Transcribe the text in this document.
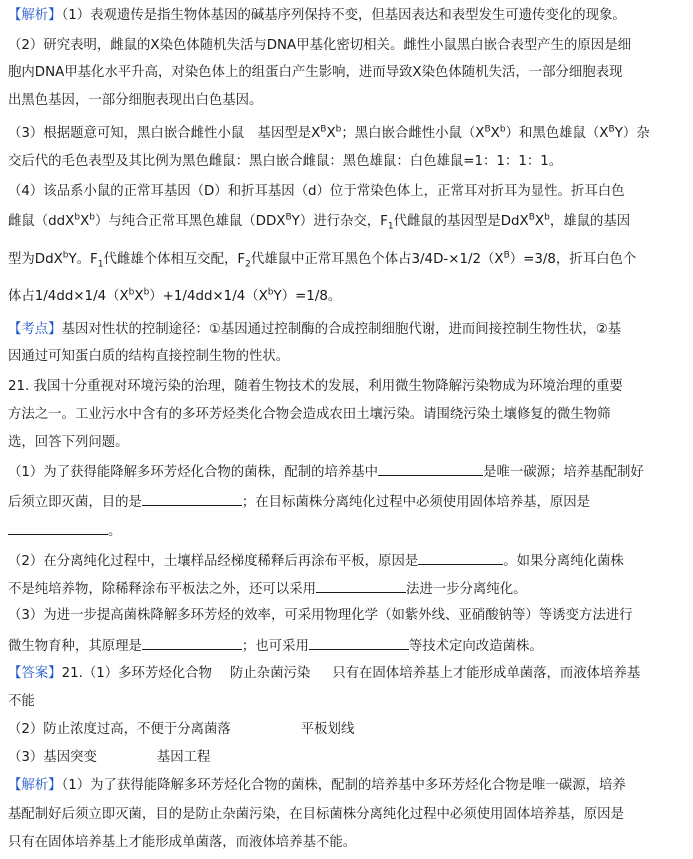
【解析】（1）表观遗传是指生物体基因的碱基序列保持不变，但基因表达和表型发生可遗传变化的现象。
（2）研究表明，雌鼠的X染色体随机失活与DNA甲基化密切相关。雌性小鼠黑白嵌合表型产生的原因是细
胞内DNA甲基化水平升高，对染色体上的组蛋白产生影响，进而导致X染色体随机失活，一部分细胞表现
出黑色基因，一部分细胞表现出白色基因。
（3）根据题意可知，黑白嵌合雌性小鼠　基因型是$X^BX^b$；黑白嵌合雌性小鼠$(X^BX^b)$和黑色雄鼠$(X^BY)$杂
交后代的毛色表型及其比例为黑色雌鼠：黑白嵌合雌鼠：黑色雄鼠：白色雄鼠=1：1：1：1。
（4）该品系小鼠的正常耳基因（D）和折耳基因（d）位于常染色体上，正常耳对折耳为显性。折耳白色
雌鼠$(ddX^bX^b)$与纯合正常耳黑色雄鼠$(DDX^BY)$进行杂交，$F_1$代雌鼠的基因型是$DdX^BX^b$，雄鼠的基因
型为DdX$^b$Y。$F_1$代雌雄个体相互交配，$F_2$代雄鼠中正常耳黑色个体占$3/4D-\times 1/2(X^B)=3/8$，折耳白色个
体占$1/4dd\times 1/4(X^bX^b)+1/4dd\times 1/4(X^bY)=1/8$。
【考点】基因对性状的控制途径：①基因通过控制酶的合成控制细胞代谢，进而间接控制生物性状，②基
因通过可知蛋白质的结构直接控制生物的性状。
21. 我国十分重视对环境污染的治理，随着生物技术的发展，利用微生物降解污染物成为环境治理的重要
方法之一。工业污水中含有的多环芳烃类化合物会造成农田土壤污染。请围绕污染土壤修复的微生物筛
选，回答下列问题。
（1）为了获得能降解多环芳烃化合物的菌株，配制的培养基中	是唯一碳源；培养基配制好
后须立即灭菌，目的是	；在目标菌株分离纯化过程中必须使用固体培养基，原因是
。
（2）在分离纯化过程中，土壤样品经梯度稀释后再涂布平板，原因是	。如果分离纯化菌株
不是纯培养物，除稀释涂布平板法之外，还可以采用	法进一步分离纯化。
（3）为进一步提高菌株降解多环芳烃的效率，可采用物理化学（如紫外线、亚硝酸钠等）等诱变方法进行
微生物育种，其原理是	；也可采用	等技术定向改造菌株。
【答案】21.（1）多环芳烃化合物 防止杂菌污染 只有在固体培养基上才能形成单菌落，而液体培养基
不能
（2）防止浓度过高，不便于分离菌落	平板划线
（3）基因突变	基因工程
【解析】（1）为了获得能降解多环芳烃化合物的菌株，配制的培养基中多环芳烃化合物是唯一碳源，培养
基配制好后须立即灭菌，目的是防止杂菌污染，在目标菌株分离纯化过程中必须使用固体培养基，原因是
只有在固体培养基上才能形成单菌落，而液体培养基不能。
